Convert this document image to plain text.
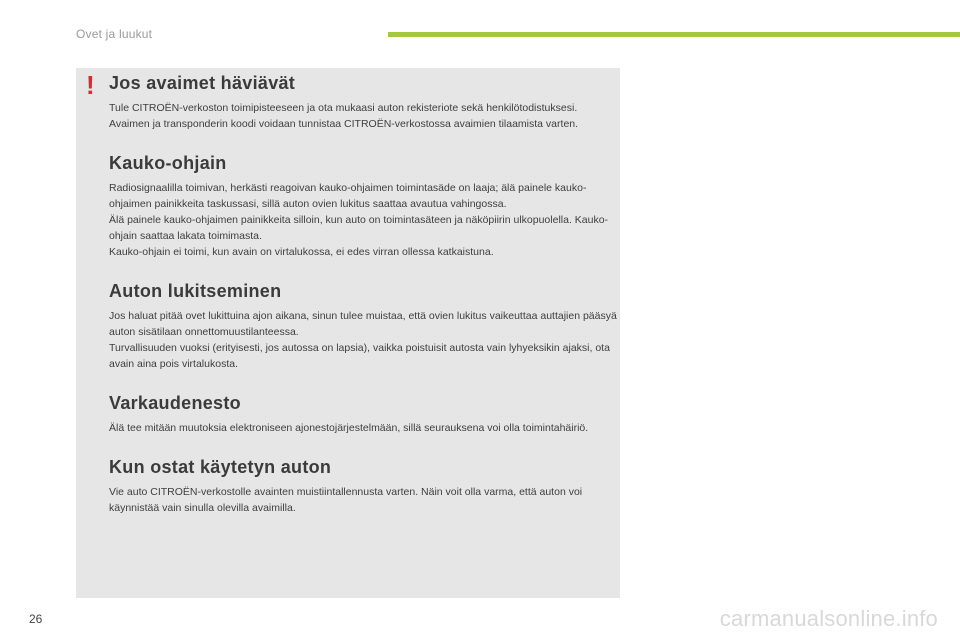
Ovet ja luukut
! Jos avaimet häviävät

Tule CITROËN-verkoston toimipisteeseen ja ota mukaasi auton rekisteriote sekä henkilötodistuksesi.
Avaimen ja transponderin koodi voidaan tunnistaa CITROËN-verkostossa avaimien tilaamista varten.

Kauko-ohjain

Radiosignaalilla toimivan, herkästi reagoivan kauko-ohjaimen toimintasäde on laaja; älä painele kauko-ohjaimen painikkeita taskussasi, sillä auton ovien lukitus saattaa avautua vahingossa.
Älä painele kauko-ohjaimen painikkeita silloin, kun auto on toimintasäteen ja näköpiirin ulkopuolella. Kauko-ohjain saattaa lakata toimimasta.
Kauko-ohjain ei toimi, kun avain on virtalukossa, ei edes virran ollessa katkaistuna.

Auton lukitseminen

Jos haluat pitää ovet lukittuina ajon aikana, sinun tulee muistaa, että ovien lukitus vaikeuttaa auttajien pääsyä auton sisätilaan onnettomuustilanteessa.
Turvallisuuden vuoksi (erityisesti, jos autossa on lapsia), vaikka poistuisit autosta vain lyhyeksikin ajaksi, ota avain aina pois virtalukosta.

Varkaudenesto

Älä tee mitään muutoksia elektroniseen ajonestojärjestelmään, sillä seurauksena voi olla toimintahäiriö.

Kun ostat käytetyn auton

Vie auto CITROËN-verkostolle avainten muistiintallennusta varten. Näin voit olla varma, että auton voi käynnistää vain sinulla olevilla avaimilla.

26	carmanualsonline.info
